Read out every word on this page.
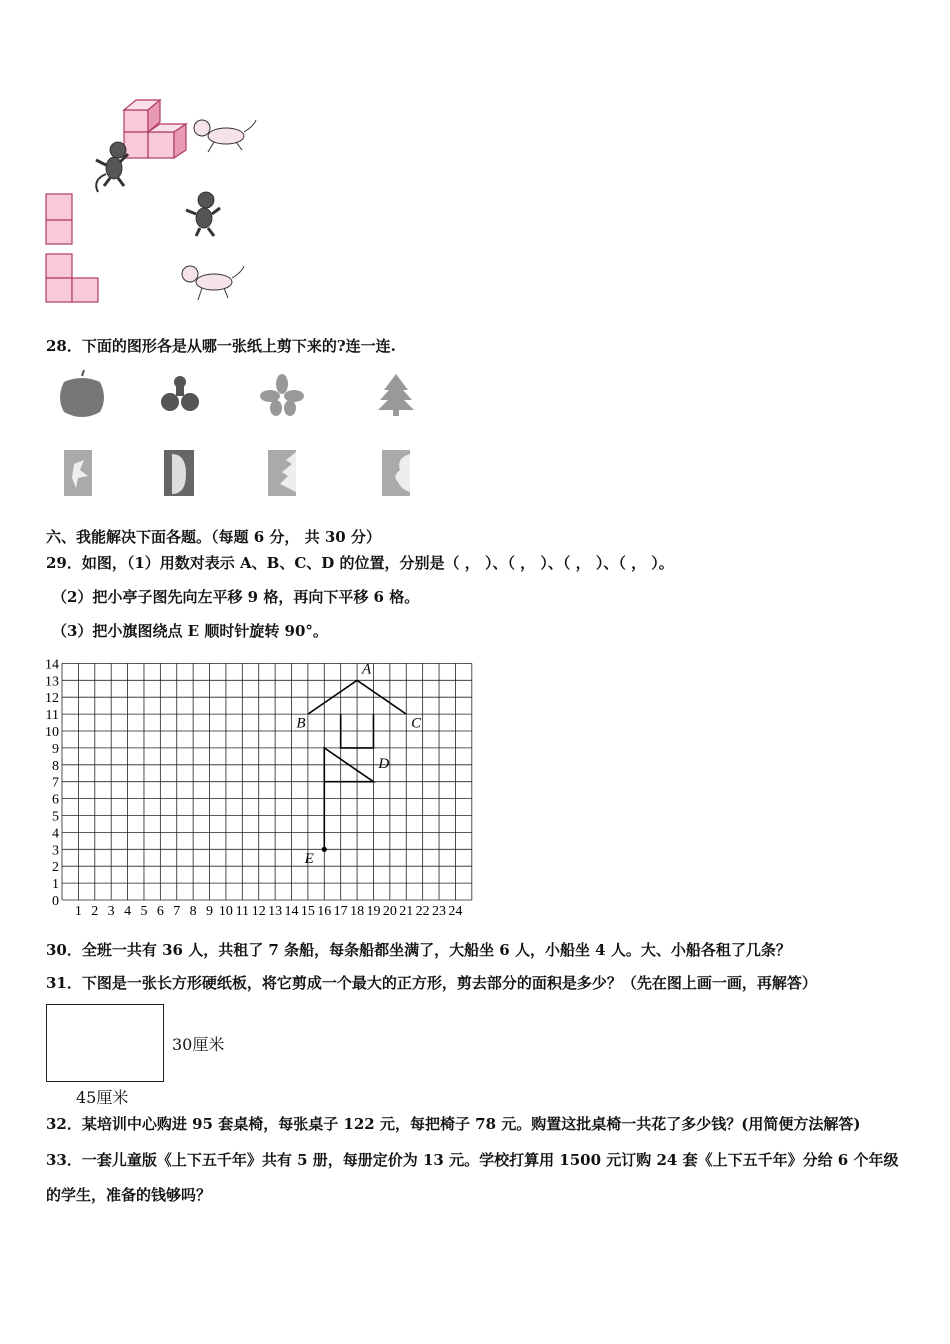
28．下面的图形各是从哪一张纸上剪下来的?连一连.
六、我能解决下面各题。（每题 6 分， 共 30 分）
29．如图，（1）用数对表示 A、B、C、D 的位置，分别是（ ， ）、（ ， ）、（ ， ）、（ ， ）。
（2）把小亭子图先向左平移 9 格，再向下平移 6 格。
（3）把小旗图绕点 E 顺时针旋转 90°。
0
1
2
3
4
5
6
7
8
9
10
11
12
13
14
1 2 3 4 5 6 7 8 9 10 11 12 13 14 15 16 17 18 19 20 21 22 23 24
A
B	C
D
E
30．全班一共有 36 人，共租了 7 条船，每条船都坐满了，大船坐 6 人，小船坐 4 人。大、小船各租了几条？
31．下图是一张长方形硬纸板，将它剪成一个最大的正方形，剪去部分的面积是多少？（先在图上画一画，再解答）
30厘米
45厘米
32．某培训中心购进 95 套桌椅，每张桌子 122 元，每把椅子 78 元。购置这批桌椅一共花了多少钱？(用简便方法解答)
33．一套儿童版《上下五千年》共有 5 册，每册定价为 13 元。学校打算用 1500 元订购 24 套《上下五千年》分给 6 个年级
的学生，准备的钱够吗？
